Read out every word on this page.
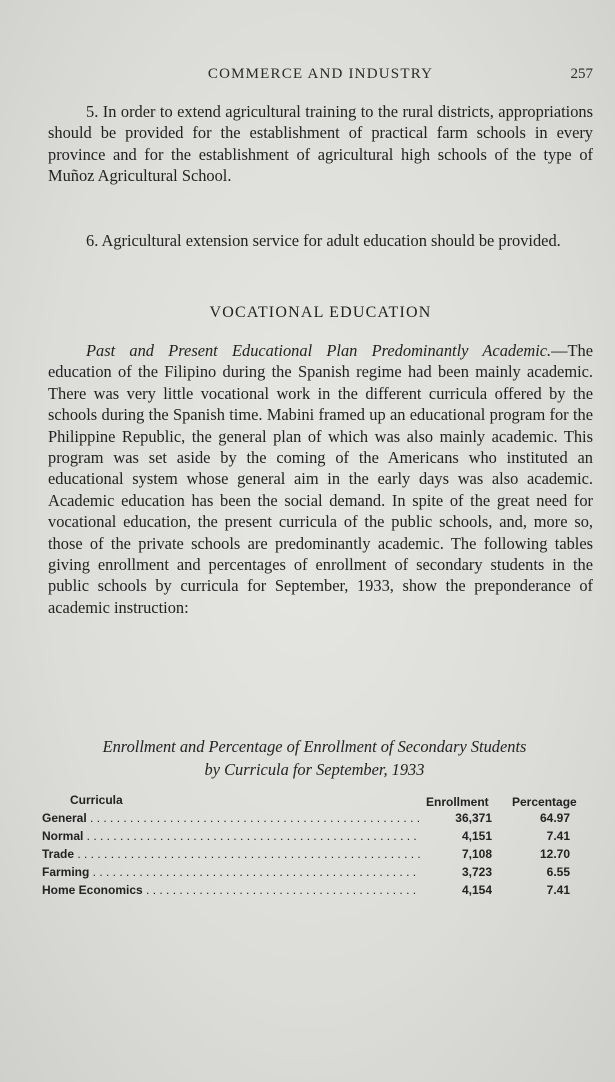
COMMERCE AND INDUSTRY	257

5. In order to extend agricultural training to the rural districts, appropriations should be provided for the establishment of practical farm schools in every province and for the establishment of agricultural high schools of the type of Muñoz Agricultural School.

6. Agricultural extension service for adult education should be provided.

VOCATIONAL EDUCATION

Past and Present Educational Plan Predominantly Academic.—The education of the Filipino during the Spanish regime had been mainly academic. There was very little vocational work in the different curricula offered by the schools during the Spanish time. Mabini framed up an educational program for the Philippine Republic, the general plan of which was also mainly academic. This program was set aside by the coming of the Americans who instituted an educational system whose general aim in the early days was also academic. Academic education has been the social demand. In spite of the great need for vocational education, the present curricula of the public schools, and, more so, those of the private schools are predominantly academic. The following tables giving enrollment and percentages of enrollment of secondary students in the public schools by curricula for September, 1933, show the preponderance of academic instruction:

Enrollment and Percentage of Enrollment of Secondary Students
by Curricula for September, 1933
Curricula	Enrollment Percentage
General . . .	36,371	64.97
Normal . . .	4,151	7.41
Trade . . .	7,108	12.70
Farming . . .	3,723	6.55
Home Economics . . .	4,154	7.41
